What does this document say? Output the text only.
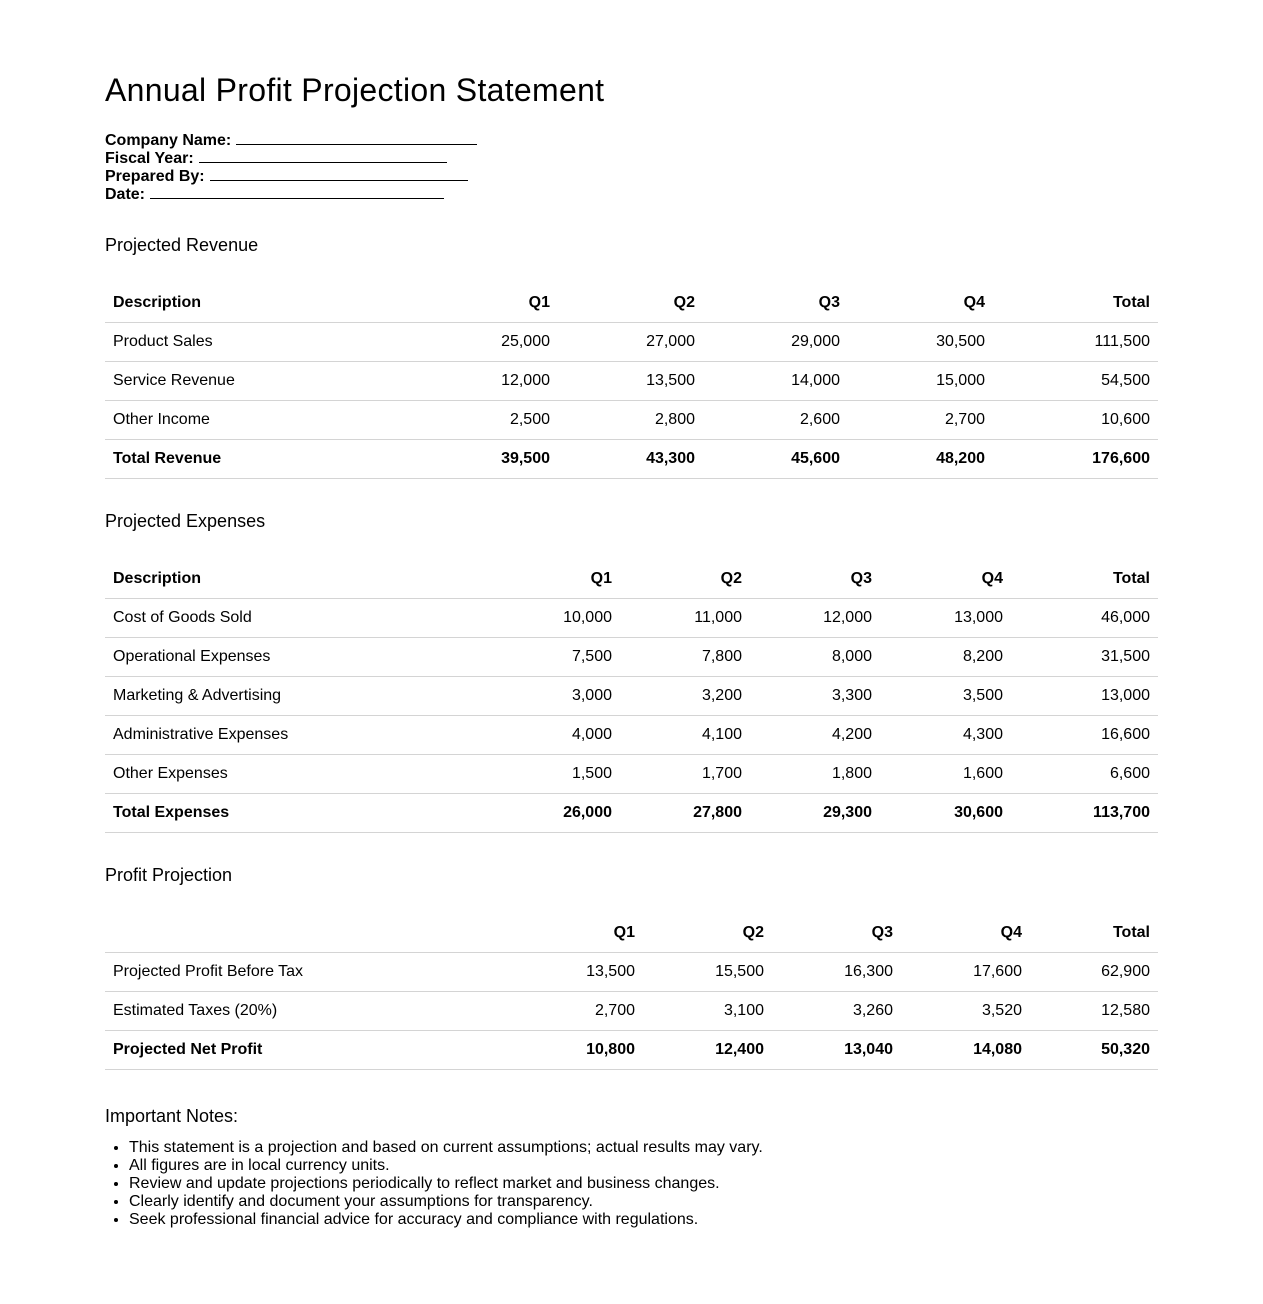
Annual Profit Projection Statement
Company Name:
Fiscal Year:
Prepared By:
Date:
Projected Revenue
Description	Q1	Q2	Q3	Q4	Total
Product Sales	25,000	27,000	29,000	30,500	111,500
Service Revenue	12,000	13,500	14,000	15,000	54,500
Other Income	2,500	2,800	2,600	2,700	10,600
Total Revenue	39,500	43,300	45,600	48,200	176,600
Projected Expenses
Description	Q1	Q2	Q3	Q4	Total
Cost of Goods Sold	10,000	11,000	12,000	13,000	46,000
Operational Expenses	7,500	7,800	8,000	8,200	31,500
Marketing & Advertising	3,000	3,200	3,300	3,500	13,000
Administrative Expenses	4,000	4,100	4,200	4,300	16,600
Other Expenses	1,500	1,700	1,800	1,600	6,600
Total Expenses	26,000	27,800	29,300	30,600	113,700
Profit Projection
	Q1	Q2	Q3	Q4	Total
Projected Profit Before Tax	13,500	15,500	16,300	17,600	62,900
Estimated Taxes (20%)	2,700	3,100	3,260	3,520	12,580
Projected Net Profit	10,800	12,400	13,040	14,080	50,320
Important Notes:
• This statement is a projection and based on current assumptions; actual results may vary.
• All figures are in local currency units.
• Review and update projections periodically to reflect market and business changes.
• Clearly identify and document your assumptions for transparency.
• Seek professional financial advice for accuracy and compliance with regulations.
